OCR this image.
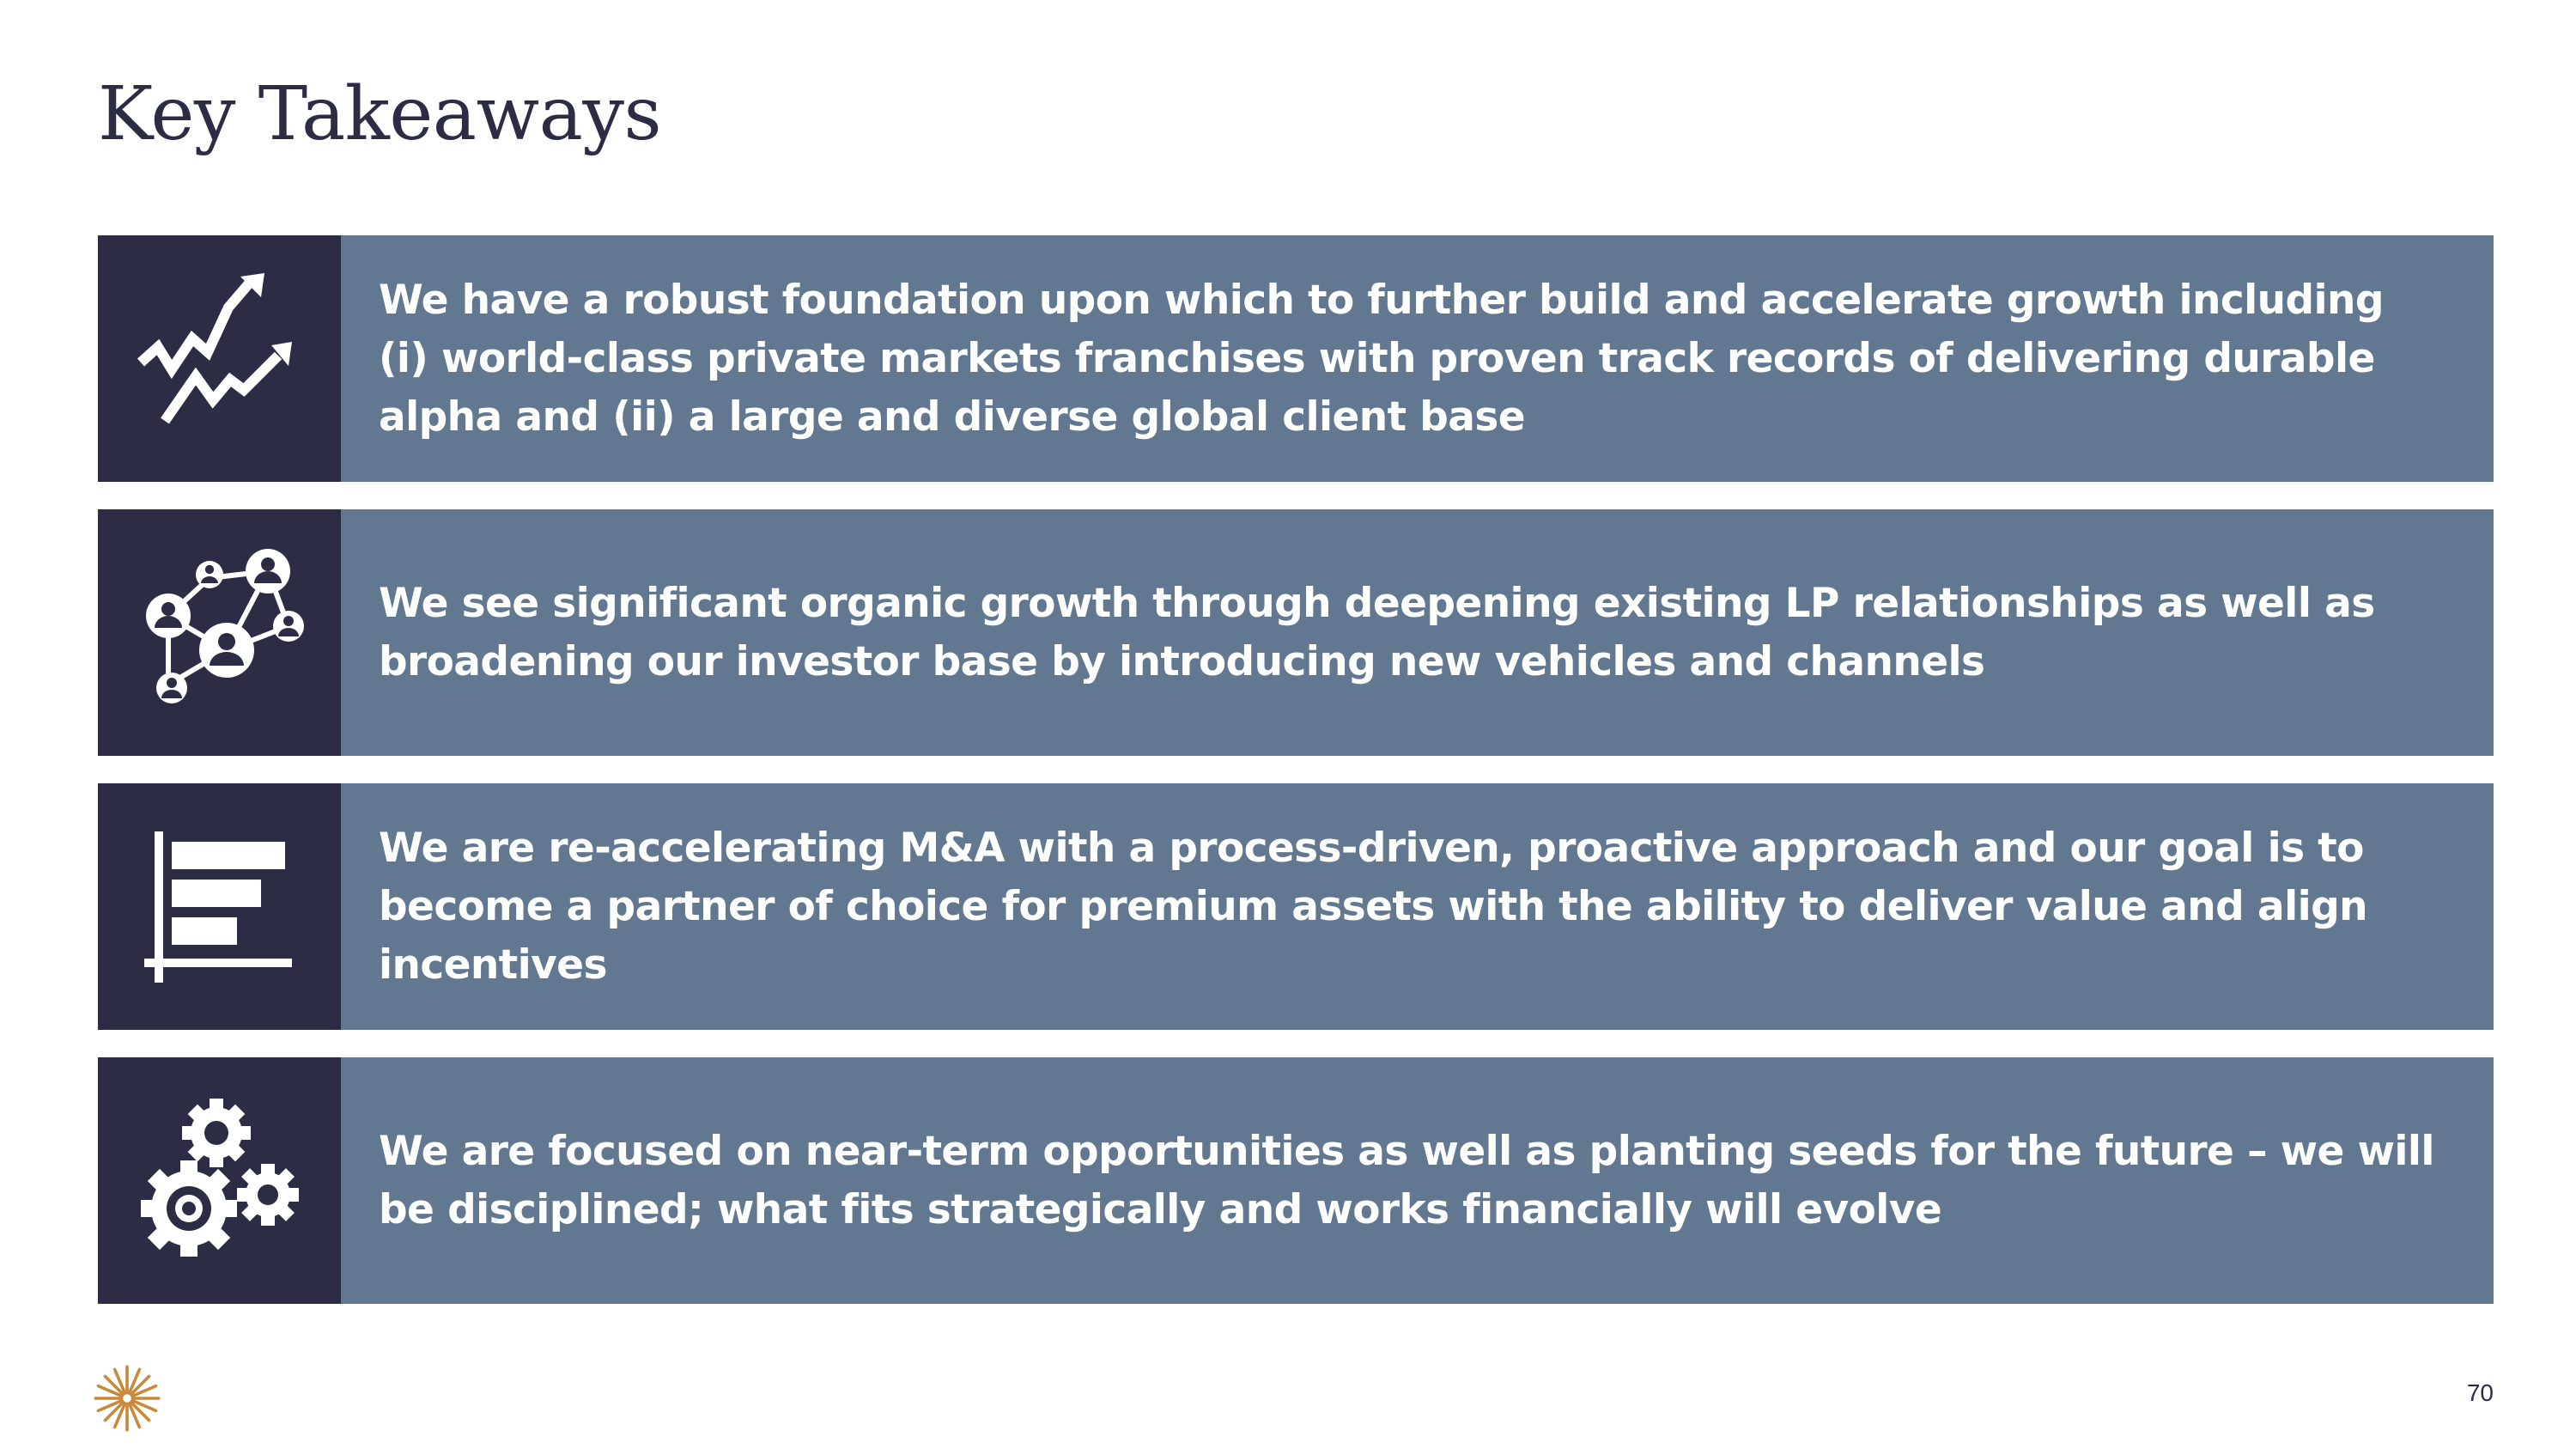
Key Takeaways

We have a robust foundation upon which to further build and accelerate growth including (i) world-class private markets franchises with proven track records of delivering durable alpha and (ii) a large and diverse global client base

We see significant organic growth through deepening existing LP relationships as well as broadening our investor base by introducing new vehicles and channels

We are re-accelerating M&A with a process-driven, proactive approach and our goal is to become a partner of choice for premium assets with the ability to deliver value and align incentives

We are focused on near-term opportunities as well as planting seeds for the future – we will be disciplined; what fits strategically and works financially will evolve

70
